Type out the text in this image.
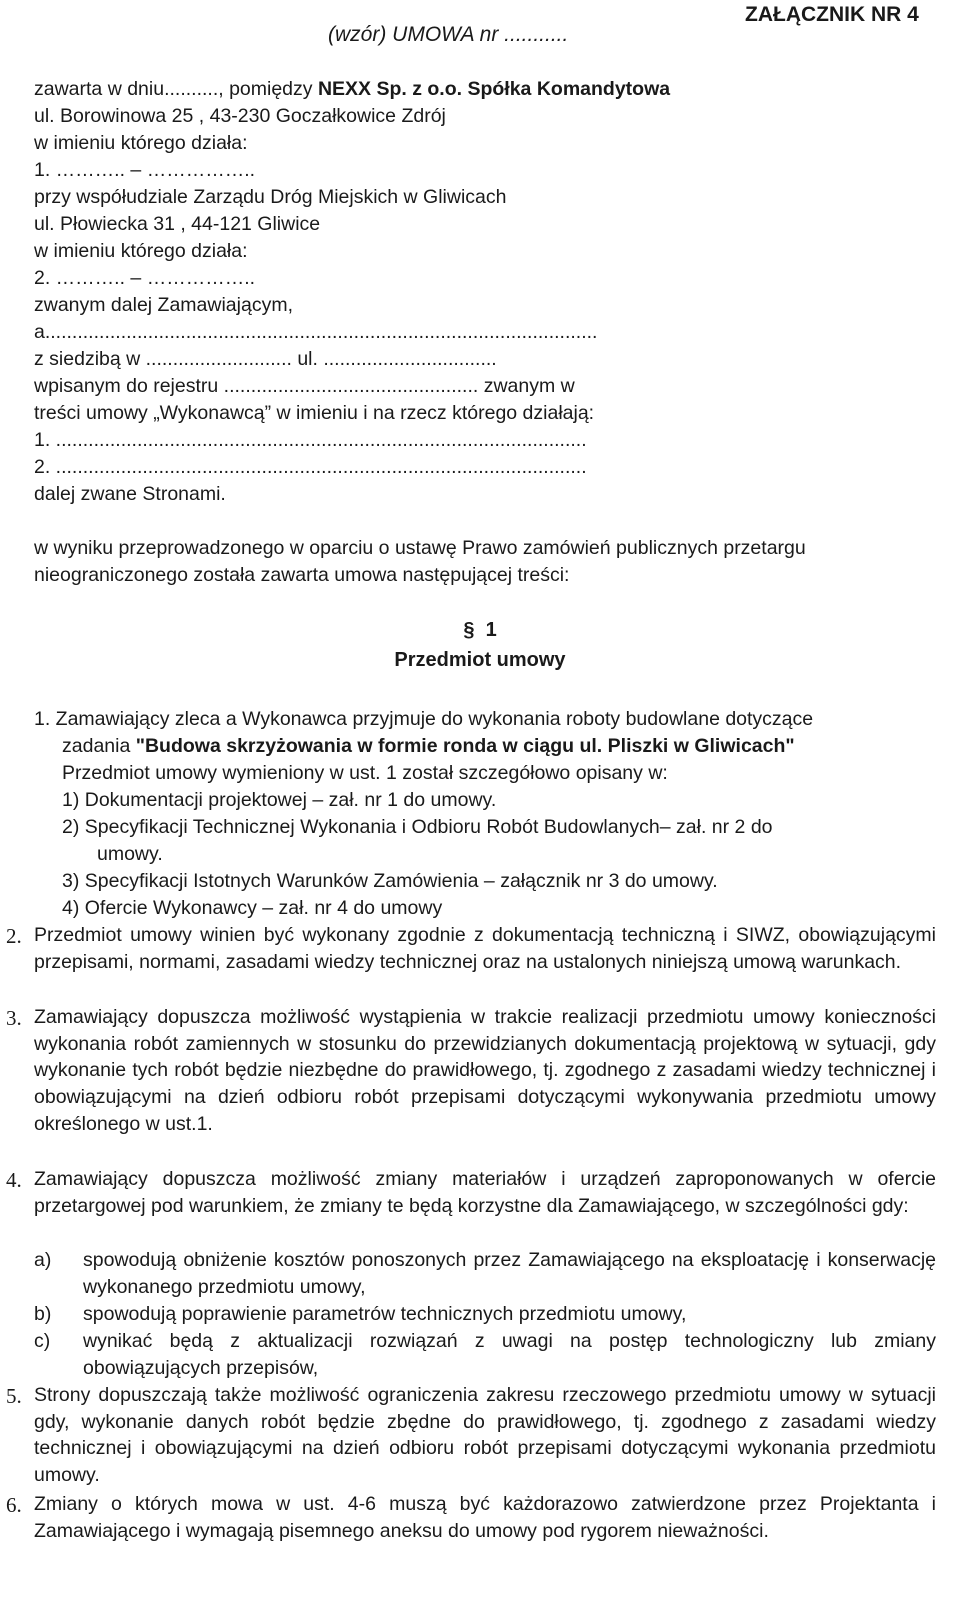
(wzór) UMOWA nr ...........
ZAŁĄCZNIK NR 4
zawarta w dniu.........., pomiędzy NEXX Sp. z o.o. Spółka Komandytowa
ul. Borowinowa 25 , 43-230 Goczałkowice Zdrój
w imieniu którego działa:
1. ……….. – ……………..
przy współudziale Zarządu Dróg Miejskich w Gliwicach
ul. Płowiecka 31 , 44-121 Gliwice
w imieniu którego działa:
2. ……….. – ……………..
zwanym dalej Zamawiającym,
a......................................................................................................
z siedzibą w ........................... ul. ................................
wpisanym do rejestru ............................................... zwanym w
treści umowy „Wykonawcą” w imieniu i na rzecz którego działają:
1. ..................................................................................................
2. ..................................................................................................
dalej zwane Stronami.
w wyniku przeprowadzonego w oparciu o ustawę Prawo zamówień publicznych przetargu
nieograniczonego została zawarta umowa następującej treści:
§ 1
Przedmiot umowy
1. Zamawiający zleca a Wykonawca przyjmuje do wykonania roboty budowlane dotyczące
zadania "Budowa skrzyżowania w formie ronda w ciągu ul. Pliszki w Gliwicach"
Przedmiot umowy wymieniony w ust. 1 został szczegółowo opisany w:
1) Dokumentacji projektowej – zał. nr 1 do umowy.
2) Specyfikacji Technicznej Wykonania i Odbioru Robót Budowlanych– zał. nr 2 do
umowy.
3) Specyfikacji Istotnych Warunków Zamówienia – załącznik nr 3 do umowy.
4) Ofercie Wykonawcy – zał. nr 4 do umowy
2. Przedmiot umowy winien być wykonany zgodnie z dokumentacją techniczną i SIWZ, obowiązującymi przepisami, normami, zasadami wiedzy technicznej oraz na ustalonych niniejszą umową warunkach.

3. Zamawiający dopuszcza możliwość wystąpienia w trakcie realizacji przedmiotu umowy konieczności wykonania robót zamiennych w stosunku do przewidzianych dokumentacją projektową w sytuacji, gdy wykonanie tych robót będzie niezbędne do prawidłowego, tj. zgodnego z zasadami wiedzy technicznej i obowiązującymi na dzień odbioru robót przepisami dotyczącymi wykonywania przedmiotu umowy określonego w ust.1.

4. Zamawiający dopuszcza możliwość zmiany materiałów i urządzeń zaproponowanych w ofercie przetargowej pod warunkiem, że zmiany te będą korzystne dla Zamawiającego, w szczególności gdy:

a) spowodują obniżenie kosztów ponoszonych przez Zamawiającego na eksploatację i konserwację wykonanego przedmiotu umowy,

b) spowodują poprawienie parametrów technicznych przedmiotu umowy,
c) wynikać będą z aktualizacji rozwiązań z uwagi na postęp technologiczny lub zmiany obowiązujących przepisów,

5. Strony dopuszczają także możliwość ograniczenia zakresu rzeczowego przedmiotu umowy w sytuacji gdy, wykonanie danych robót będzie zbędne do prawidłowego, tj. zgodnego z zasadami wiedzy technicznej i obowiązującymi na dzień odbioru robót przepisami dotyczącymi wykonania przedmiotu umowy.

6. Zmiany o których mowa w ust. 4-6 muszą być każdorazowo zatwierdzone przez Projektanta i Zamawiającego i wymagają pisemnego aneksu do umowy pod rygorem nieważności.
